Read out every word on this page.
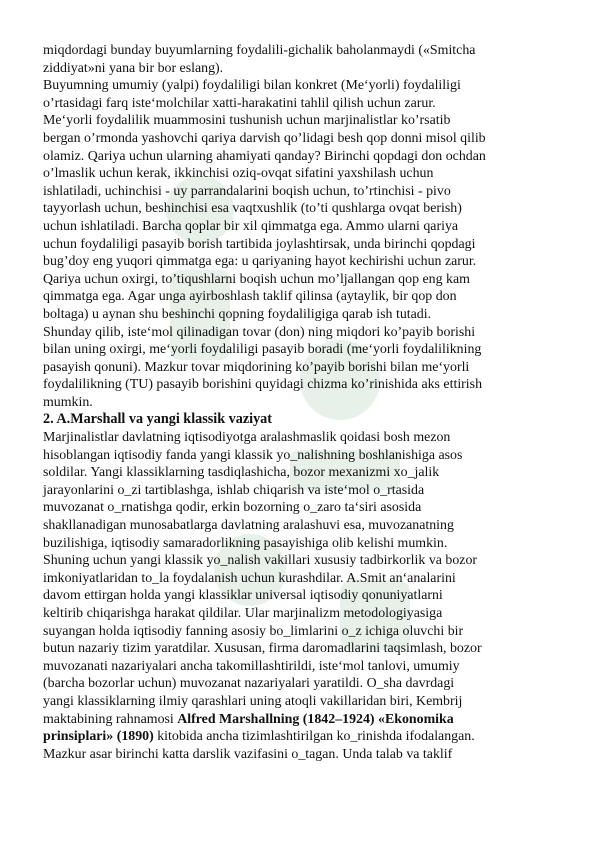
miqdordagi bunday buyumlarning foydalili-gichalik baholanmaydi («Smitcha
ziddiyat»ni yana bir bor eslang).
Buyumning umumiy (yalpi) foydaliligi bilan konkret (Me‘yorli) foydaliligi
o’rtasidagi farq iste‘molchilar xatti-harakatini tahlil qilish uchun zarur.
Me‘yorli foydalilik muammosini tushunish uchun marjinalistlar ko’rsatib
bergan o’rmonda yashovchi qariya darvish qo’lidagi besh qop donni misol qilib
olamiz. Qariya uchun ularning ahamiyati qanday? Birinchi qopdagi don ochdan
o’lmaslik uchun kerak, ikkinchisi oziq-ovqat sifatini yaxshilash uchun
ishlatiladi, uchinchisi - uy parrandalarini boqish uchun, to’rtinchisi - pivo
tayyorlash uchun, beshinchisi esa vaqtxushlik (to’ti qushlarga ovqat berish)
uchun ishlatiladi. Barcha qoplar bir xil qimmatga ega. Ammo ularni qariya
uchun foydaliligi pasayib borish tartibida joylashtirsak, unda birinchi qopdagi
bug’doy eng yuqori qimmatga ega: u qariyaning hayot kechirishi uchun zarur.
Qariya uchun oxirgi, to’tiqushlarni boqish uchun mo’ljallangan qop eng kam
qimmatga ega. Agar unga ayirboshlash taklif qilinsa (aytaylik, bir qop don
boltaga) u aynan shu beshinchi qopning foydaliligiga qarab ish tutadi.
Shunday qilib, iste‘mol qilinadigan tovar (don) ning miqdori ko’payib borishi
bilan uning oxirgi, me‘yorli foydaliligi pasayib boradi (me‘yorli foydalilikning
pasayish qonuni). Mazkur tovar miqdorining ko’payib borishi bilan me‘yorli
foydalilikning (TU) pasayib borishini quyidagi chizma ko’rinishida aks ettirish
mumkin.
2. A.Marshall va yangi klassik vaziyat
Marjinalistlar davlatning iqtisodiyotga aralashmaslik qoidasi bosh mezon
hisoblangan iqtisodiy fanda yangi klassik yo_nalishning boshlanishiga asos
soldilar. Yangi klassiklarning tasdiqlashicha, bozor mexanizmi xo_jalik
jarayonlarini o_zi tartiblashga, ishlab chiqarish va iste‘mol o_rtasida
muvozanat o_rnatishga qodir, erkin bozorning o_zaro ta‘siri asosida
shakllanadigan munosabatlarga davlatning aralashuvi esa, muvozanatning
buzilishiga, iqtisodiy samaradorlikning pasayishiga olib kelishi mumkin.
Shuning uchun yangi klassik yo_nalish vakillari xususiy tadbirkorlik va bozor
imkoniyatlaridan to_la foydalanish uchun kurashdilar. A.Smit an‘analarini
davom ettirgan holda yangi klassiklar universal iqtisodiy qonuniyatlarni
keltirib chiqarishga harakat qildilar. Ular marjinalizm metodologiyasiga
suyangan holda iqtisodiy fanning asosiy bo_limlarini o_z ichiga oluvchi bir
butun nazariy tizim yaratdilar. Xususan, firma daromadlarini taqsimlash, bozor
muvozanati nazariyalari ancha takomillashtirildi, iste‘mol tanlovi, umumiy
(barcha bozorlar uchun) muvozanat nazariyalari yaratildi. O_sha davrdagi
yangi klassiklarning ilmiy qarashlari uning atoqli vakillaridan biri, Kembrij
maktabining rahnamosi Alfred Marshallning (1842–1924) «Ekonomika
prinsiplari» (1890) kitobida ancha tizimlashtirilgan ko_rinishda ifodalangan.
Mazkur asar birinchi katta darslik vazifasini o_tagan. Unda talab va taklif
